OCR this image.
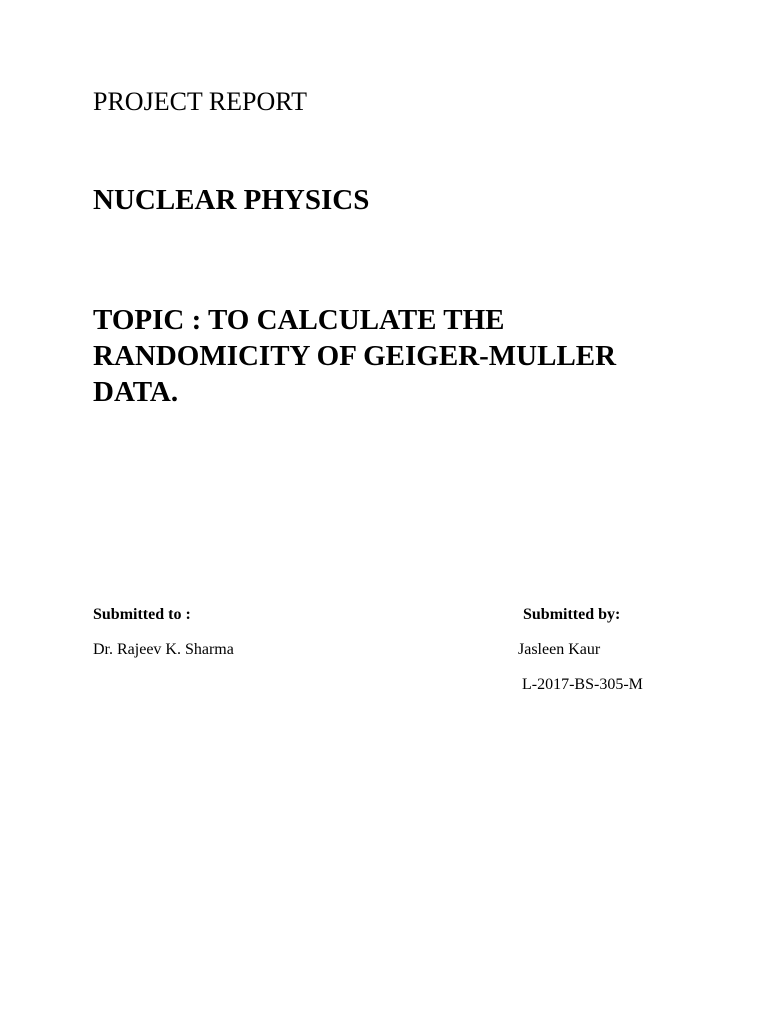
PROJECT REPORT
NUCLEAR PHYSICS
TOPIC : TO CALCULATE THE
RANDOMICITY OF GEIGER-MULLER
DATA.
Submitted to :	Submitted by:
Dr. Rajeev K. Sharma	Jasleen Kaur
L-2017-BS-305-M
